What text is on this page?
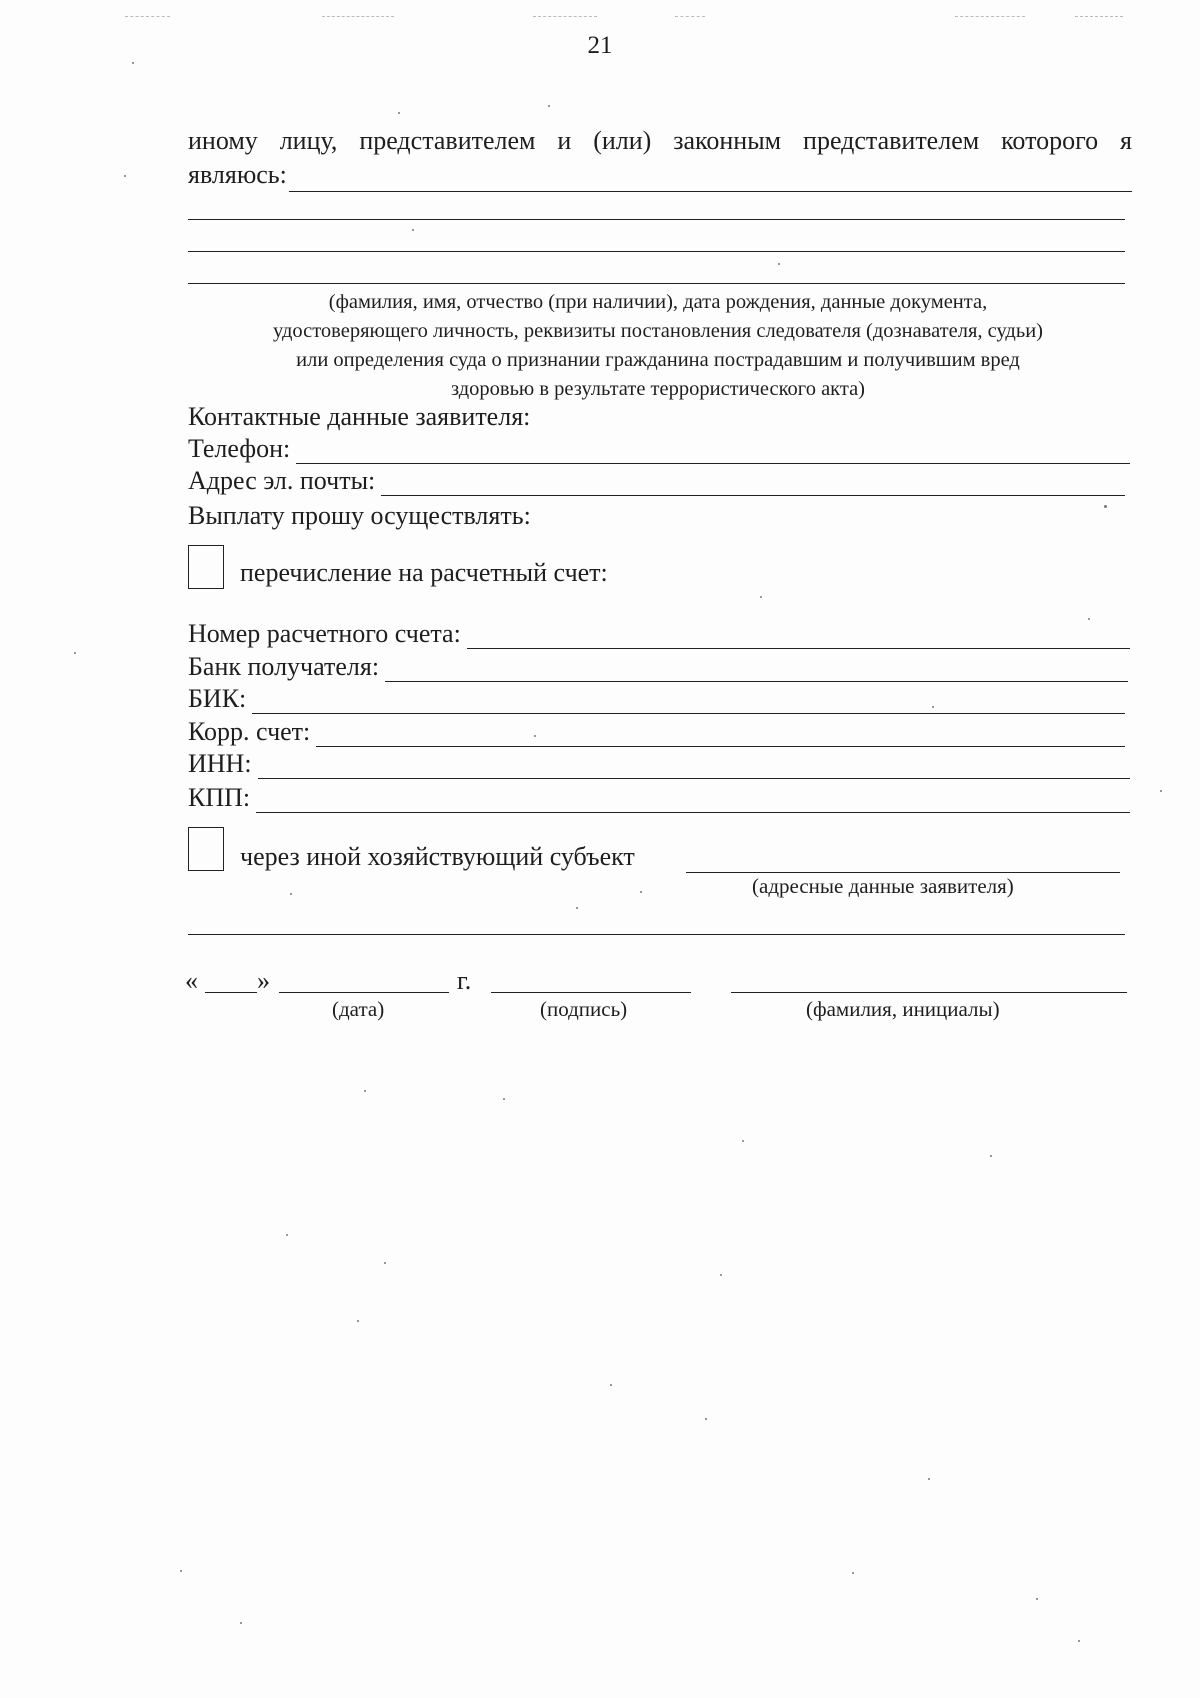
21
иному лицу, представителем и (или) законным представителем которого я
являюсь:
(фамилия, имя, отчество (при наличии), дата рождения, данные документа,
удостоверяющего личность, реквизиты постановления следователя (дознавателя, судьи)
или определения суда о признании гражданина пострадавшим и получившим вред
здоровью в результате террористического акта)
Контактные данные заявителя:
Телефон:
Адрес эл. почты:
Выплату прошу осуществлять:
перечисление на расчетный счет:
Номер расчетного счета:
Банк получателя:
БИК:
Корр. счет:
ИНН:
КПП:
через иной хозяйствующий субъект
(адресные данные заявителя)
« »	г.
(дата)	(подпись)	(фамилия, инициалы)
